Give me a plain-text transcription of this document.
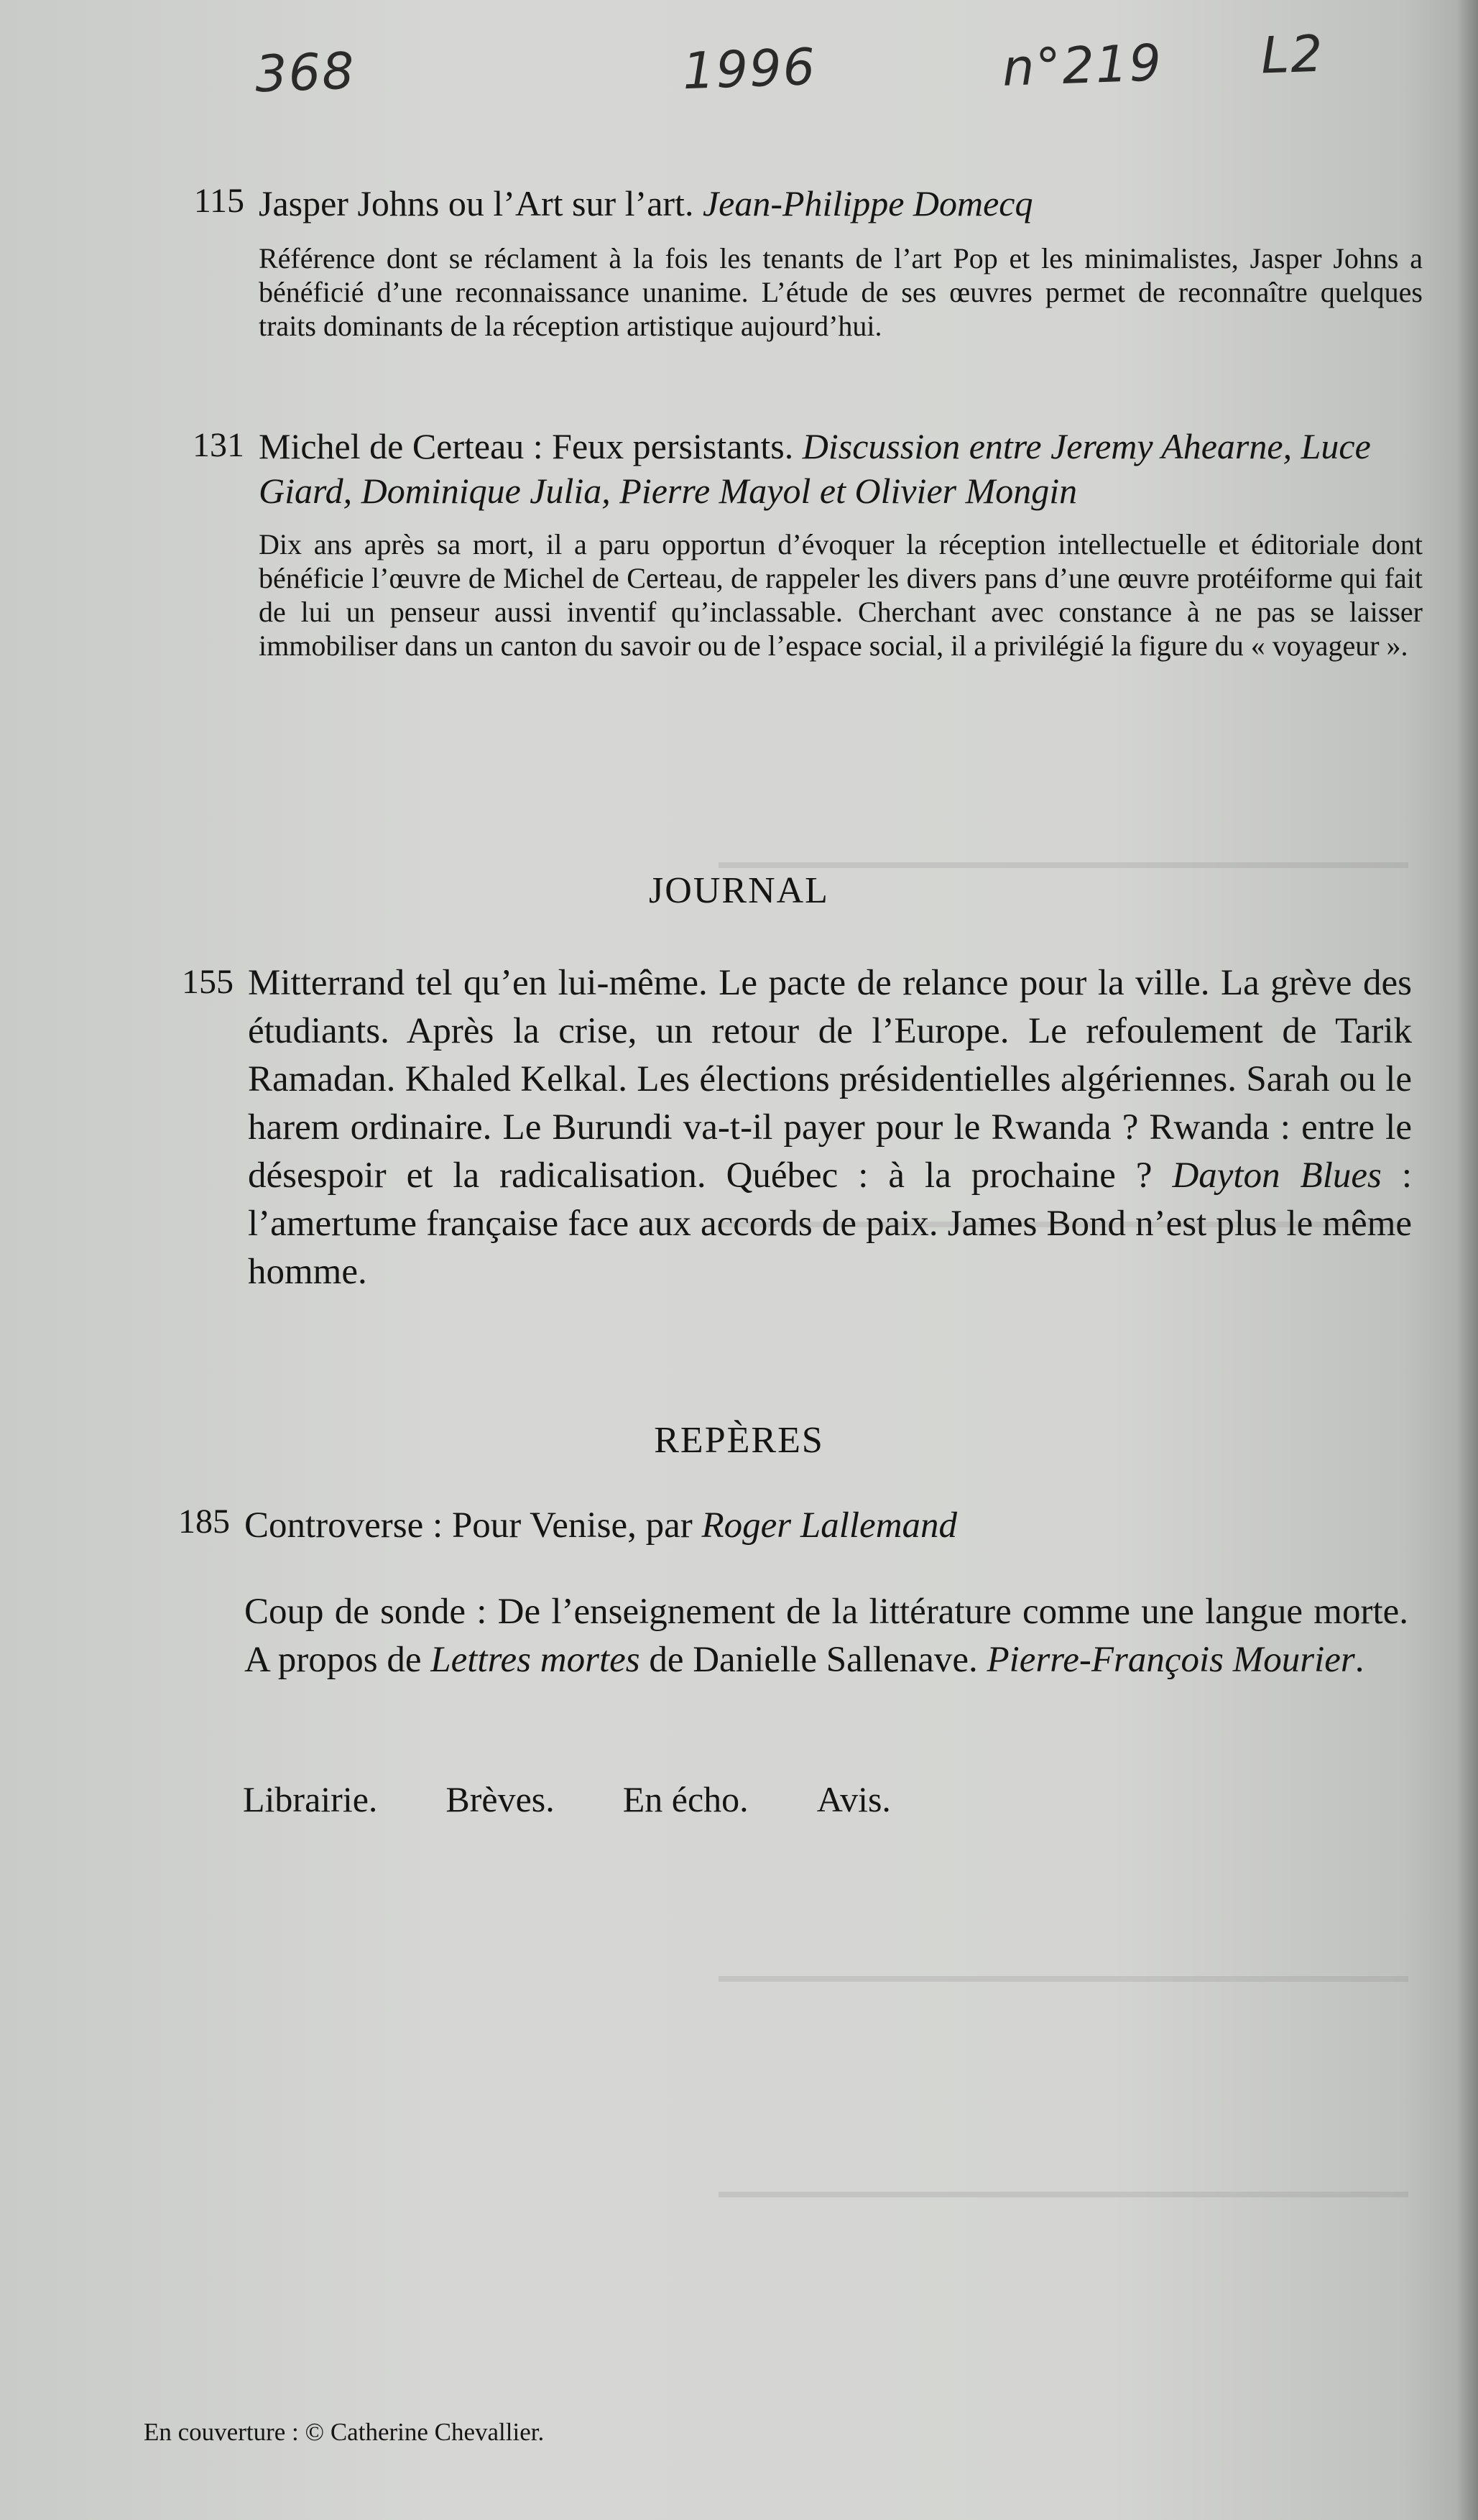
368	1996	n°219 L2
115 Jasper Johns ou l’Art sur l’art. Jean-Philippe Domecq

Référence dont se réclament à la fois les tenants de l’art Pop et les minimalistes, Jasper Johns a bénéficié d’une reconnaissance unanime. L’étude de ses œuvres permet de reconnaître quelques traits dominants de la réception artistique aujourd’hui.

131 Michel de Certeau : Feux persistants. Discussion entre Jeremy Ahearne, Luce Giard, Dominique Julia, Pierre Mayol et Olivier Mongin

Dix ans après sa mort, il a paru opportun d’évoquer la réception intellectuelle et éditoriale dont bénéficie l’œuvre de Michel de Certeau, de rappeler les divers pans d’une œuvre protéiforme qui fait de lui un penseur aussi inventif qu’inclassable. Cherchant avec constance à ne pas se laisser immobiliser dans un canton du savoir ou de l’espace social, il a privilégié la figure du « voyageur ».

JOURNAL
155 Mitterrand tel qu’en lui-même. Le pacte de relance pour la ville. La grève des étudiants. Après la crise, un retour de l’Europe. Le refoulement de Tarik Ramadan. Khaled Kelkal. Les élections présidentielles algériennes. Sarah ou le harem ordinaire. Le Burundi va-t-il payer pour le Rwanda ? Rwanda : entre le désespoir et la radicalisation. Québec : à la prochaine ? Dayton Blues : l’amertume française face aux accords de paix. James Bond n’est plus le même homme.

REPÈRES
185 Controverse : Pour Venise, par Roger Lallemand

Coup de sonde : De l’enseignement de la littérature comme une langue morte. A propos de Lettres mortes de Danielle Sallenave. Pierre-François Mourier.

Librairie. Brèves. En écho. Avis.
En couverture : © Catherine Chevallier.
